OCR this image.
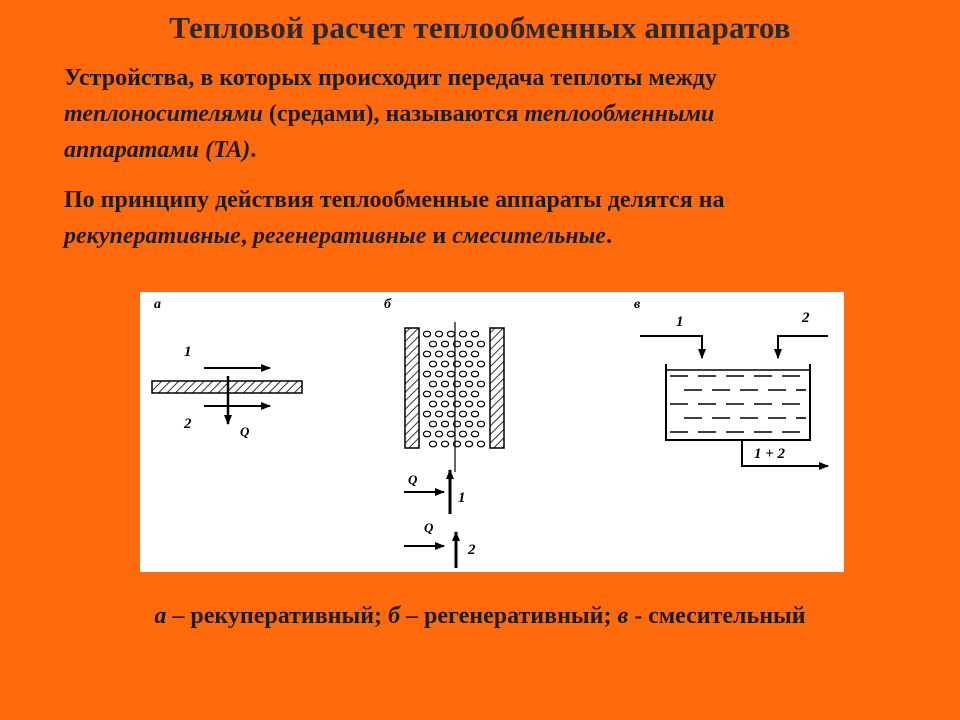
Тепловой расчет теплообменных аппаратов
Устройства, в которых происходит передача теплоты между
теплоносителями (средами), называются теплообменными
аппаратами (ТА).
По принципу действия теплообменные аппараты делятся на
рекуперативные, регенеративные и смесительные.
а
1
2	Q
б
Q
1
Q
2
в
1	2
1 + 2
а – рекуперативный; б – регенеративный; в - смесительный
